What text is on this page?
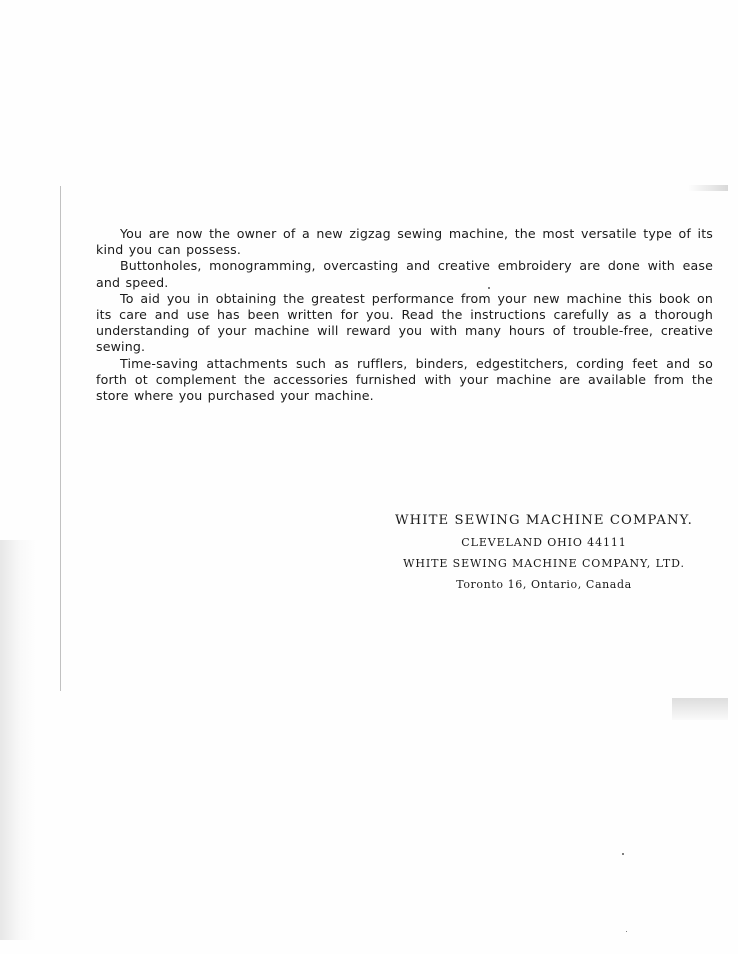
You are now the owner of a new zigzag sewing machine, the most versatile type of its kind you can possess.

Buttonholes, monogramming, overcasting and creative embroidery are done with ease and speed.

To aid you in obtaining the greatest performance from your new machine this book on its care and use has been written for you. Read the instructions carefully as a thorough understanding of your machine will reward you with many hours of trouble-free, creative sewing.

Time-saving attachments such as rufflers, binders, edgestitchers, cording feet and so forth ot complement the accessories furnished with your machine are available from the store where you purchased your machine.

WHITE SEWING MACHINE COMPANY.
CLEVELAND OHIO 44111
WHITE SEWING MACHINE COMPANY, LTD.
Toronto 16, Ontario, Canada
